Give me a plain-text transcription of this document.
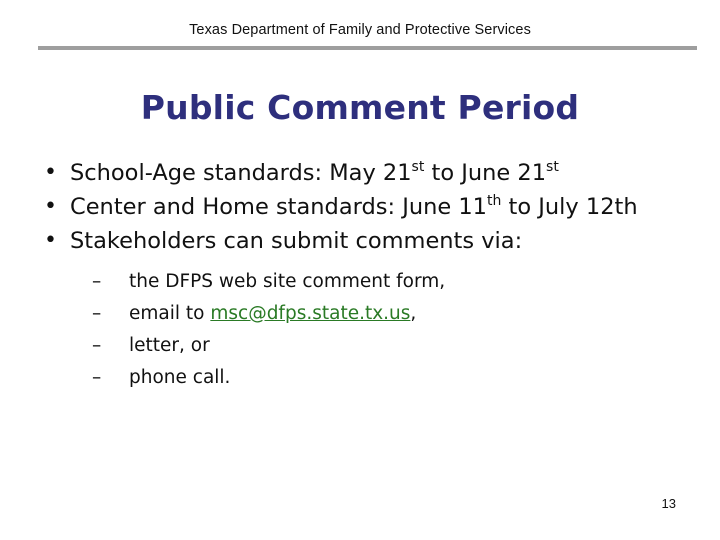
Texas Department of Family and Protective Services
Public Comment Period
• School-Age standards: May 21st to June 21st
• Center and Home standards: June 11th to July 12th
• Stakeholders can submit comments via:
– the DFPS web site comment form,
– email to msc@dfps.state.tx.us,
– letter, or
– phone call.
13
